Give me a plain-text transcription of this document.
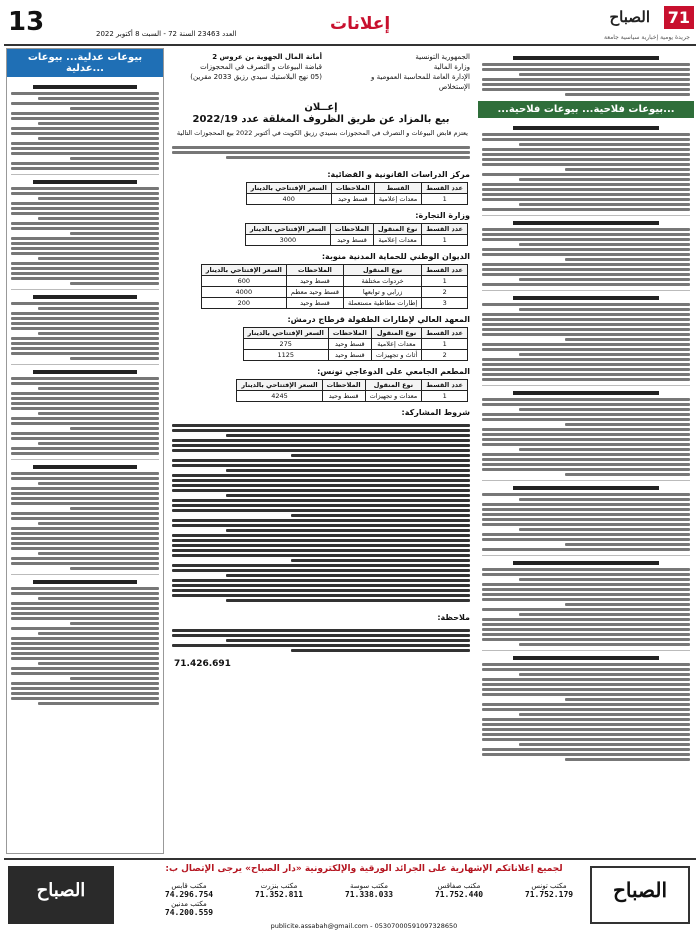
13	العدد 23463 السنة 72 - السبت 8 أكتوبر 2022	إعلانات	71
الصباح
جريدة يومية إخبارية سياسية جامعة
بيوعات عدلية... بيوعات عدلية...
الجمهورية التونسية
وزارة المالية
الإدارة العامة للمحاسبة العمومية و الإستخلاص
أمانة المال الجهوية بن عروس 2
قباضة البيوعات و التصرف في المحجوزات
(05 نهج البلاستيك سيدي رزيق 2033 مقرين)
إعــلان
بيع بالمزاد عن طريق الظروف المغلقة عدد 2022/19
يعتزم قابض البيوعات و التصرف في المحجوزات بسيدي رزيق الكويت في أكتوبر 2022 بيع المحجوزات التالية
مركز الدراسات القانونية و القضائية:
عدد القسط	القسط	الملاحظات	السعر الإفتتاحي بالدينار
1	معدات إعلامية	قسط وحيد	400
وزارة التجارة:
عدد القسط	نوع المنقول	الملاحظات	السعر الإفتتاحي بالدينار
1	معدات إعلامية	قسط وحيد	3000
الديوان الوطني للحماية المدنية منوبة:
عدد القسط	نوع المنقول	الملاحظات	السعر الإفتتاحي بالدينار
1	خردوات مختلفة	قسط وحيد	600
2	زرابي و توابعها	قسط وحيد معطم	4000
3	إطارات مطاطية مستعملة	قسط وحيد	200
المعهد العالي لإطارات الطفولة قرطاج درمش:
عدد القسط	نوع المنقول	الملاحظات	السعر الإفتتاحي بالدينار
1	معدات إعلامية	قسط وحيد	275
2	أثاث و تجهيزات	قسط وحيد	1125
المطعم الجامعي على الدوعاجي تونس:
عدد القسط	نوع المنقول	الملاحظات	السعر الإفتتاحي بالدينار
1	معدات و تجهيزات	قسط وحيد	4245
شروط المشاركة:
ملاحظة:
71.426.691
...بيوعات فلاحية... بيوعات فلاحية...
الصباح
الصباح
لجميع إعلاناتكم الإشهارية على الجرائد الورقية والإلكترونية «دار الصباح» يرجى الإتصال ب:
مكتب تونس
71.752.179
مكتب صفاقس
71.752.440
مكتب سوسة
71.338.033
مكتب بنزرت
71.352.811
مكتب قابس
74.296.754
مكتب مدنين
74.200.559
publicite.assabah@gmail.com - 05307000591097328650
